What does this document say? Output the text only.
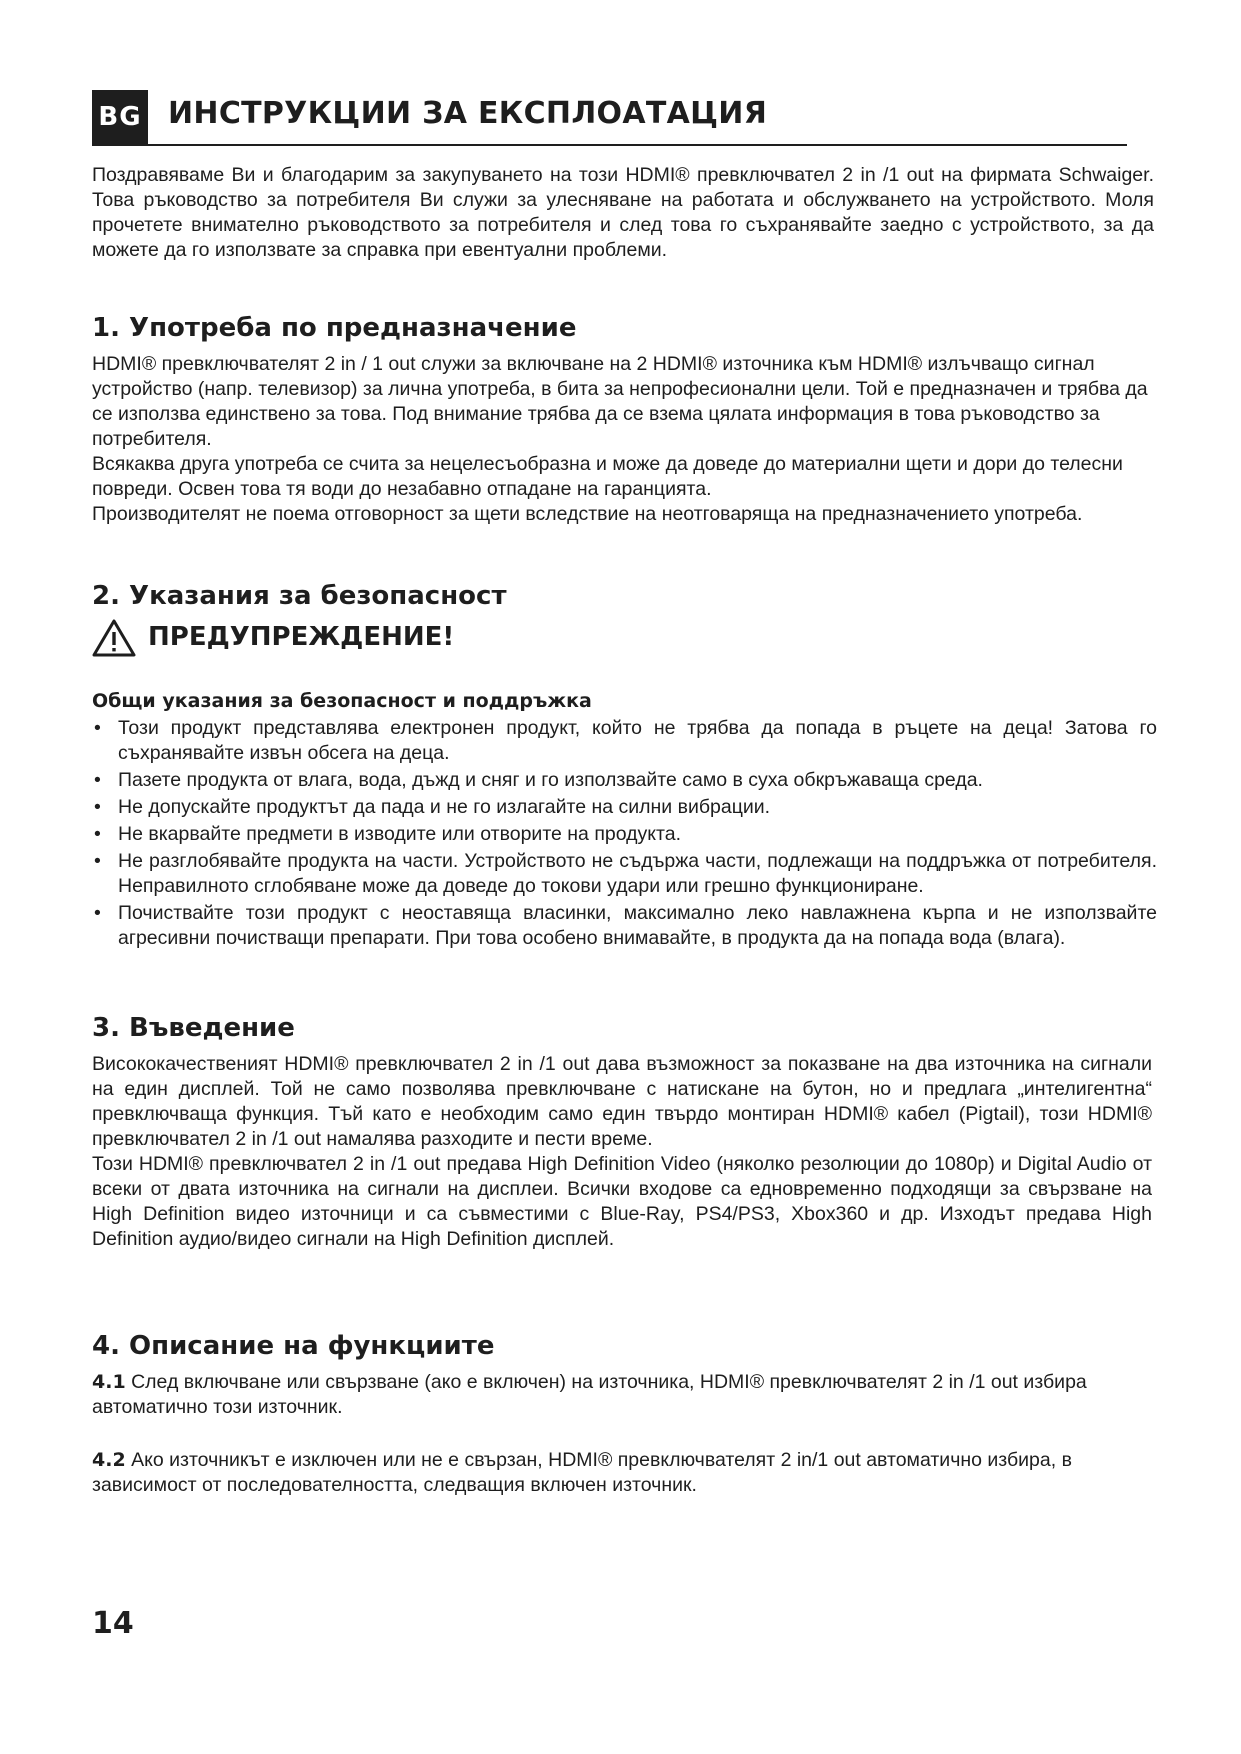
BG ИНСТРУКЦИИ ЗА ЕКСПЛОАТАЦИЯ
Поздравяваме Ви и благодарим за закупуването на този HDMI® превключвател 2 in /1 out на фирмата Schwaiger. Това ръководство за потребителя Ви служи за улесняване на работата и обслужването на устройството. Моля прочетете внимателно ръководството за потребителя и след това го съхранявайте заедно с устройството, за да можете да го използвате за справка при евентуални проблеми.
1. Употреба по предназначение
HDMI® превключвателят 2 in / 1 out служи за включване на 2 HDMI® източника към HDMI® излъчващо сигнал устройство (напр. телевизор) за лична употреба, в бита за непрофесионални цели. Той е предназначен и трябва да се използва единствено за това. Под внимание трябва да се взема цялата информация в това ръководство за потребителя.
Всякаква друга употреба се счита за нецелесъобразна и може да доведе до материални щети и дори до телесни повреди. Освен това тя води до незабавно отпадане на гаранцията.
Производителят не поема отговорност за щети вследствие на неотговаряща на предназначението употреба.
2. Указания за безопасност
ПРЕДУПРЕЖДЕНИЕ!
Общи указания за безопасност и поддръжка
• Този продукт представлява електронен продукт, който не трябва да попада в ръцете на деца! Затова го съхранявайте извън обсега на деца.
• Пазете продукта от влага, вода, дъжд и сняг и го използвайте само в суха обкръжаваща среда.
• Не допускайте продуктът да пада и не го излагайте на силни вибрации.
• Не вкарвайте предмети в изводите или отворите на продукта.
• Не разглобявайте продукта на части. Устройството не съдържа части, подлежащи на поддръжка от потребителя. Неправилното сглобяване може да доведе до токови удари или грешно функциониране.
• Почиствайте този продукт с неоставяща власинки, максимално леко навлажнена кърпа и не използвайте агресивни почистващи препарати. При това особено внимавайте, в продукта да на попада вода (влага).
3. Въведение
Висококачественият HDMI® превключвател 2 in /1 out дава възможност за показване на два източника на сигнали на един дисплей. Той не само позволява превключване с натискане на бутон, но и предлага „интелигентна“ превключваща функция. Тъй като е необходим само един твърдо монтиран HDMI® кабел (Pigtail), този HDMI® превключвател 2 in /1 out намалява разходите и пести време.
Този HDMI® превключвател 2 in /1 out предава High Definition Video (няколко резолюции до 1080p) и Digital Audio от всеки от двата източника на сигнали на дисплеи. Всички входове са едновременно подходящи за свързване на High Definition видео източници и са съвместими с Blue-Ray, PS4/PS3, Xbox360 и др. Изходът предава High Definition аудио/видео сигнали на High Definition дисплей.
4. Описание на функциите
4.1 След включване или свързване (ако е включен) на източника, HDMI® превключвателят 2 in /1 out избира автоматично този източник.
4.2 Ако източникът е изключен или не е свързан, HDMI® превключвателят 2 in/1 out автоматично избира, в зависимост от последователността, следващия включен източник.
14
